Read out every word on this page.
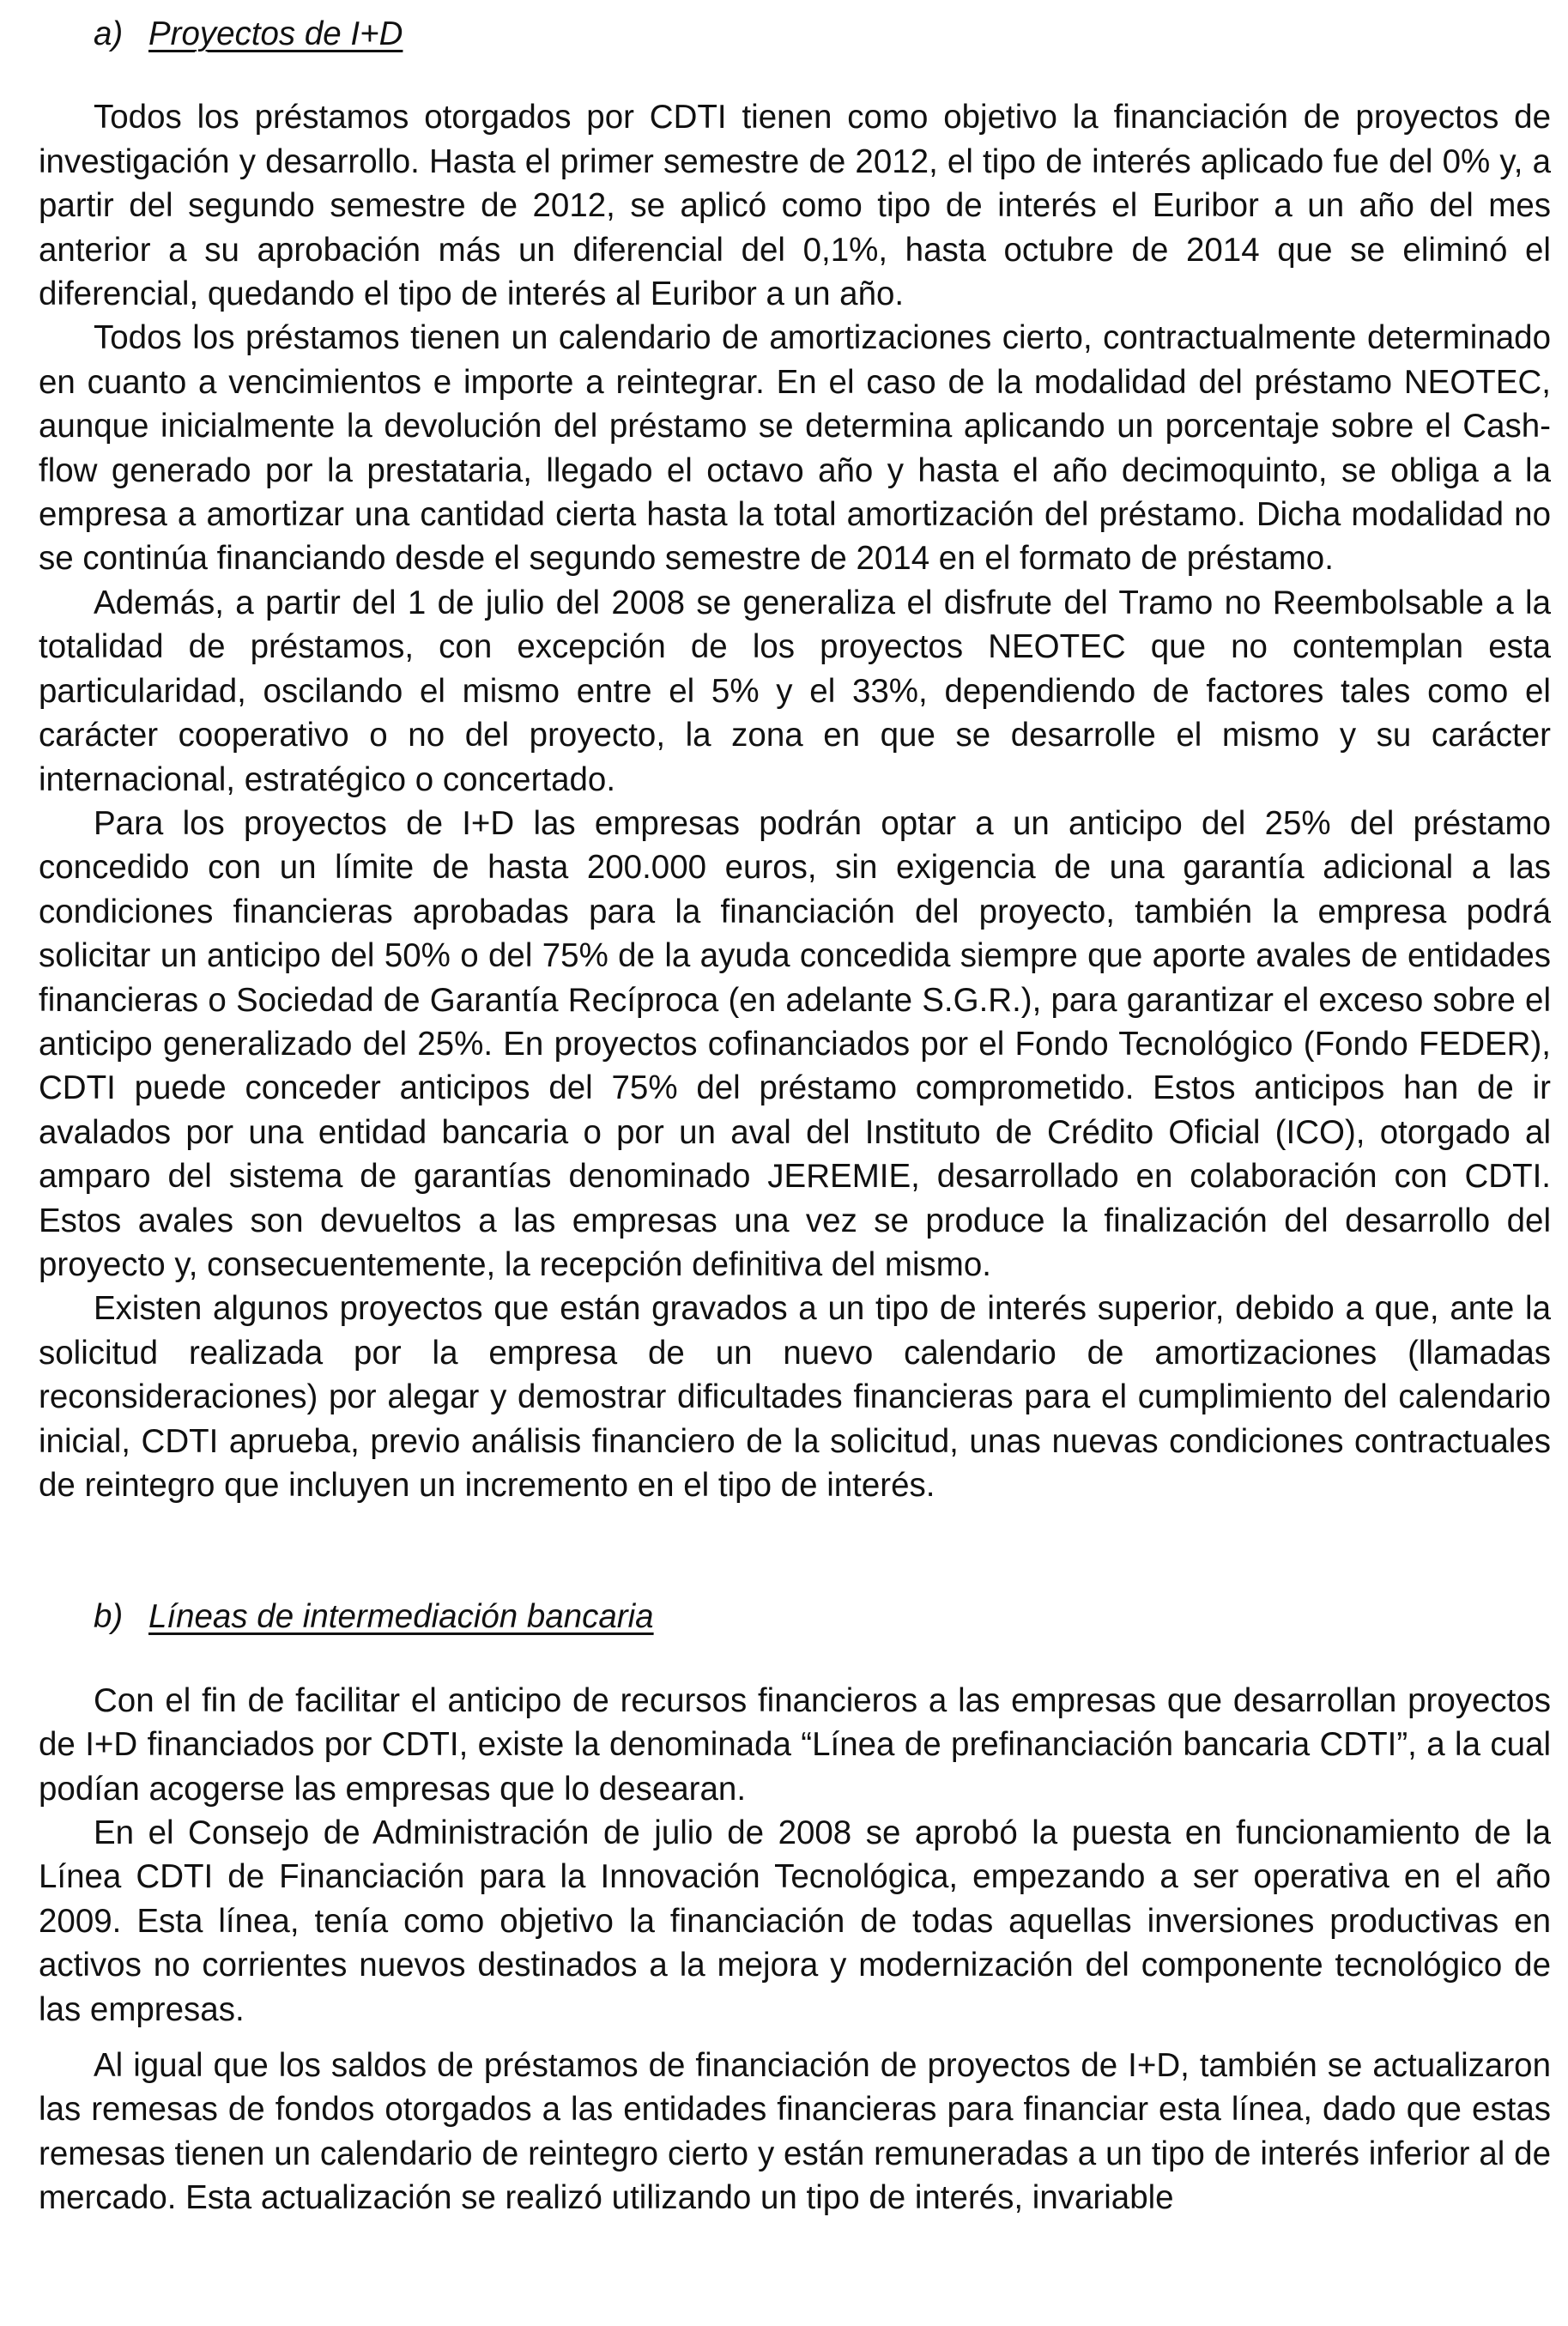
a) Proyectos de I+D

Todos los préstamos otorgados por CDTI tienen como objetivo la financiación de proyectos de investigación y desarrollo. Hasta el primer semestre de 2012, el tipo de interés aplicado fue del 0% y, a partir del segundo semestre de 2012, se aplicó como tipo de interés el Euribor a un año del mes anterior a su aprobación más un diferencial del 0,1%, hasta octubre de 2014 que se eliminó el diferencial, quedando el tipo de interés al Euribor a un año.

Todos los préstamos tienen un calendario de amortizaciones cierto, contractualmente determinado en cuanto a vencimientos e importe a reintegrar. En el caso de la modalidad del préstamo NEOTEC, aunque inicialmente la devolución del préstamo se determina aplicando un porcentaje sobre el Cash-flow generado por la prestataria, llegado el octavo año y hasta el año decimoquinto, se obliga a la empresa a amortizar una cantidad cierta hasta la total amortización del préstamo. Dicha modalidad no se continúa financiando desde el segundo semestre de 2014 en el formato de préstamo.

Además, a partir del 1 de julio del 2008 se generaliza el disfrute del Tramo no Reembolsable a la totalidad de préstamos, con excepción de los proyectos NEOTEC que no contemplan esta particularidad, oscilando el mismo entre el 5% y el 33%, dependiendo de factores tales como el carácter cooperativo o no del proyecto, la zona en que se desarrolle el mismo y su carácter internacional, estratégico o concertado.

Para los proyectos de I+D las empresas podrán optar a un anticipo del 25% del préstamo concedido con un límite de hasta 200.000 euros, sin exigencia de una garantía adicional a las condiciones financieras aprobadas para la financiación del proyecto, también la empresa podrá solicitar un anticipo del 50% o del 75% de la ayuda concedida siempre que aporte avales de entidades financieras o Sociedad de Garantía Recíproca (en adelante S.G.R.), para garantizar el exceso sobre el anticipo generalizado del 25%. En proyectos cofinanciados por el Fondo Tecnológico (Fondo FEDER), CDTI puede conceder anticipos del 75% del préstamo comprometido. Estos anticipos han de ir avalados por una entidad bancaria o por un aval del Instituto de Crédito Oficial (ICO), otorgado al amparo del sistema de garantías denominado JEREMIE, desarrollado en colaboración con CDTI. Estos avales son devueltos a las empresas una vez se produce la finalización del desarrollo del proyecto y, consecuentemente, la recepción definitiva del mismo.

Existen algunos proyectos que están gravados a un tipo de interés superior, debido a que, ante la solicitud realizada por la empresa de un nuevo calendario de amortizaciones (llamadas reconsideraciones) por alegar y demostrar dificultades financieras para el cumplimiento del calendario inicial, CDTI aprueba, previo análisis financiero de la solicitud, unas nuevas condiciones contractuales de reintegro que incluyen un incremento en el tipo de interés.

b) Líneas de intermediación bancaria

Con el fin de facilitar el anticipo de recursos financieros a las empresas que desarrollan proyectos de I+D financiados por CDTI, existe la denominada “Línea de prefinanciación bancaria CDTI”, a la cual podían acogerse las empresas que lo desearan.

En el Consejo de Administración de julio de 2008 se aprobó la puesta en funcionamiento de la Línea CDTI de Financiación para la Innovación Tecnológica, empezando a ser operativa en el año 2009. Esta línea, tenía como objetivo la financiación de todas aquellas inversiones productivas en activos no corrientes nuevos destinados a la mejora y modernización del componente tecnológico de las empresas.

Al igual que los saldos de préstamos de financiación de proyectos de I+D, también se actualizaron las remesas de fondos otorgados a las entidades financieras para financiar esta línea, dado que estas remesas tienen un calendario de reintegro cierto y están remuneradas a un tipo de interés inferior al de mercado. Esta actualización se realizó utilizando un tipo de interés, invariable
